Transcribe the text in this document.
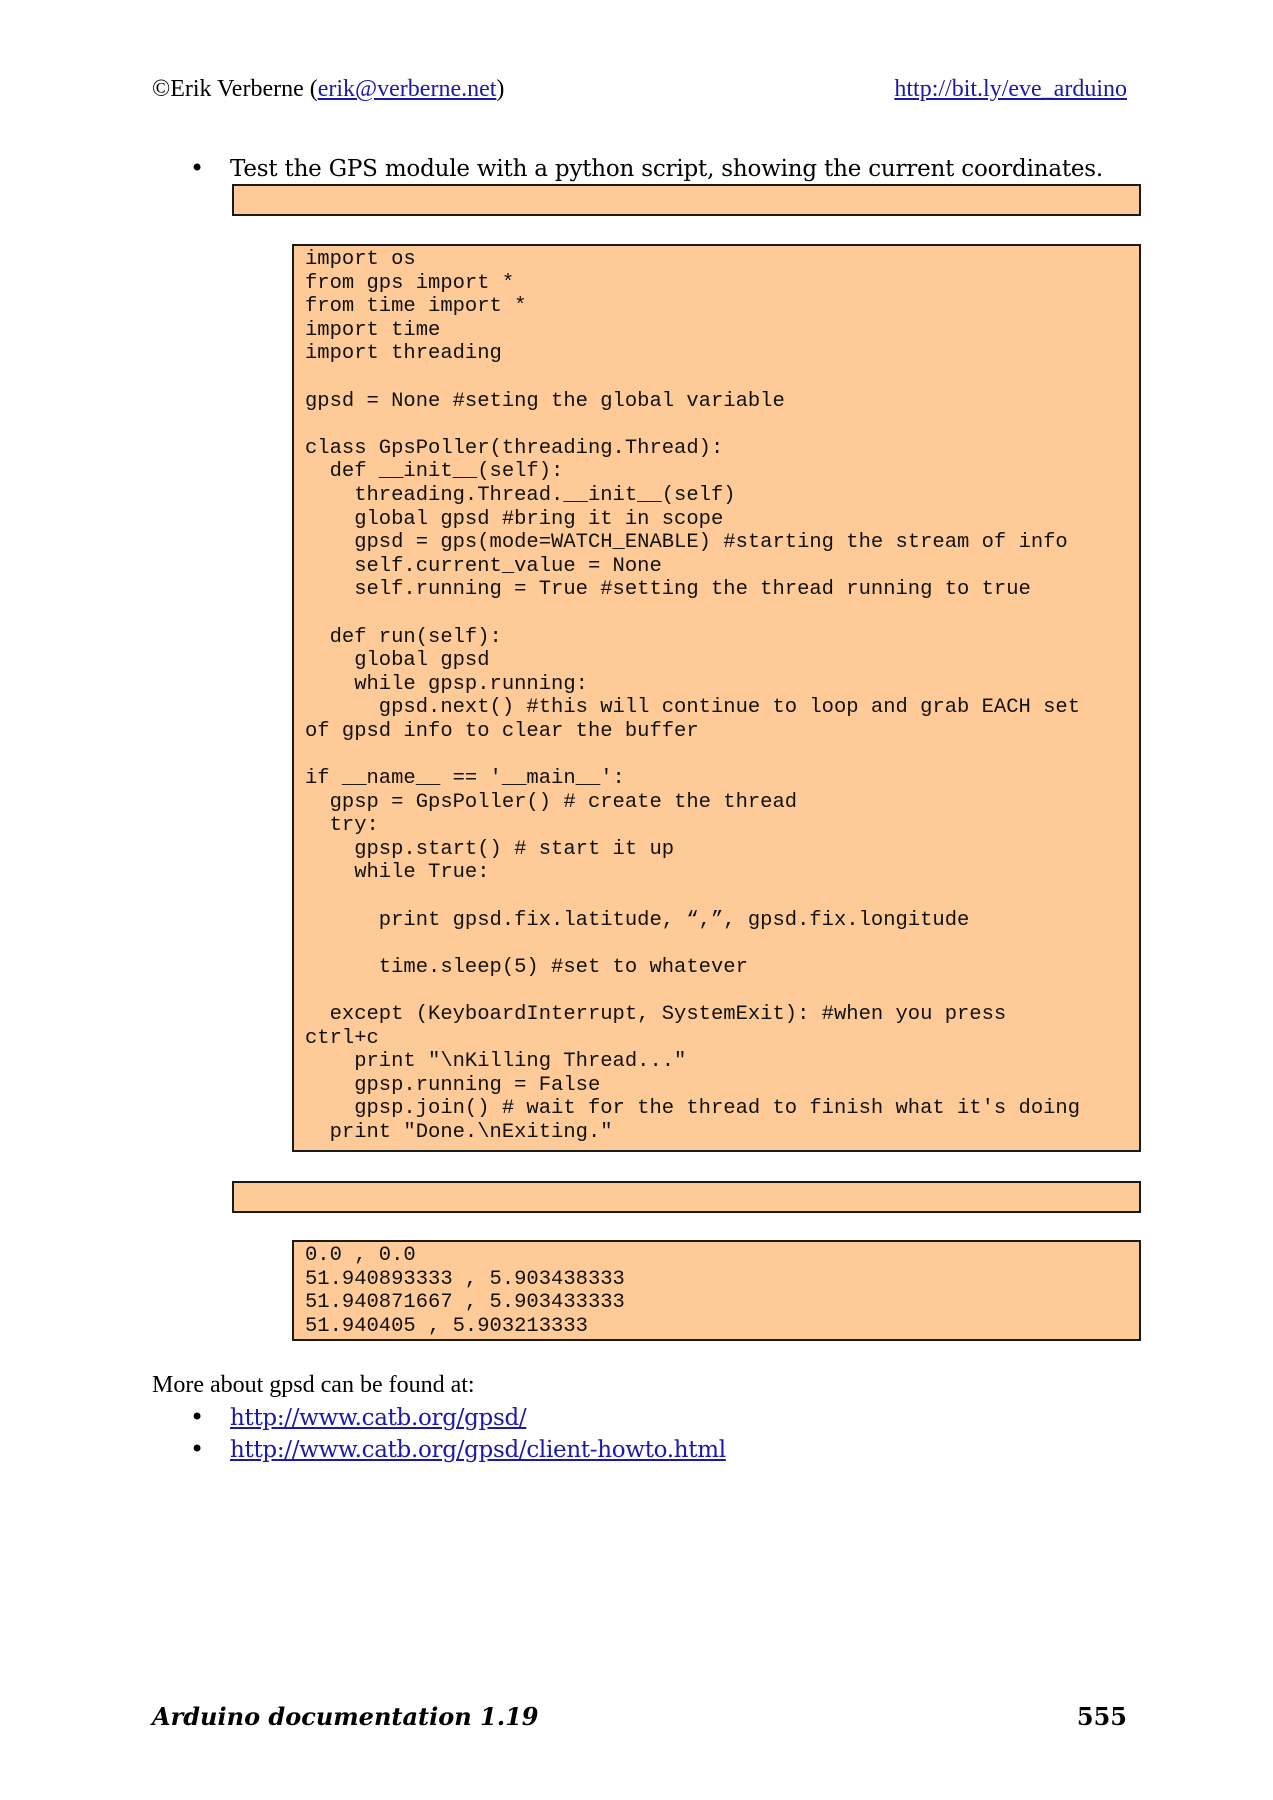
©Erik Verberne (erik@verberne.net)	http://bit.ly/eve_arduino
• Test the GPS module with a python script, showing the current coordinates.

import os
from gps import *
from time import *
import time
import threading
gpsd = None #seting the global variable
class GpsPoller(threading.Thread):
def __init__(self):
threading.Thread.__init__(self)
global gpsd #bring it in scope
gpsd = gps(mode=WATCH_ENABLE) #starting the stream of info
self.current_value = None
self.running = True #setting the thread running to true
def run(self):
global gpsd
while gpsp.running:
gpsd.next() #this will continue to loop and grab EACH set
of gpsd info to clear the buffer
if __name__ == '__main__':
gpsp = GpsPoller() # create the thread
try:
gpsp.start() # start it up
while True:
print gpsd.fix.latitude, “,”, gpsd.fix.longitude
time.sleep(5) #set to whatever
except (KeyboardInterrupt, SystemExit): #when you press
ctrl+c
print "\nKilling Thread..."
gpsp.running = False
gpsp.join() # wait for the thread to finish what it's doing
print "Done.\nExiting."

0.0 , 0.0
51.940893333 , 5.903438333
51.940871667 , 5.903433333
51.940405 , 5.903213333
More about gpsd can be found at:
• http://www.catb.org/gpsd/
• http://www.catb.org/gpsd/client-howto.html
Arduino documentation 1.19	555
